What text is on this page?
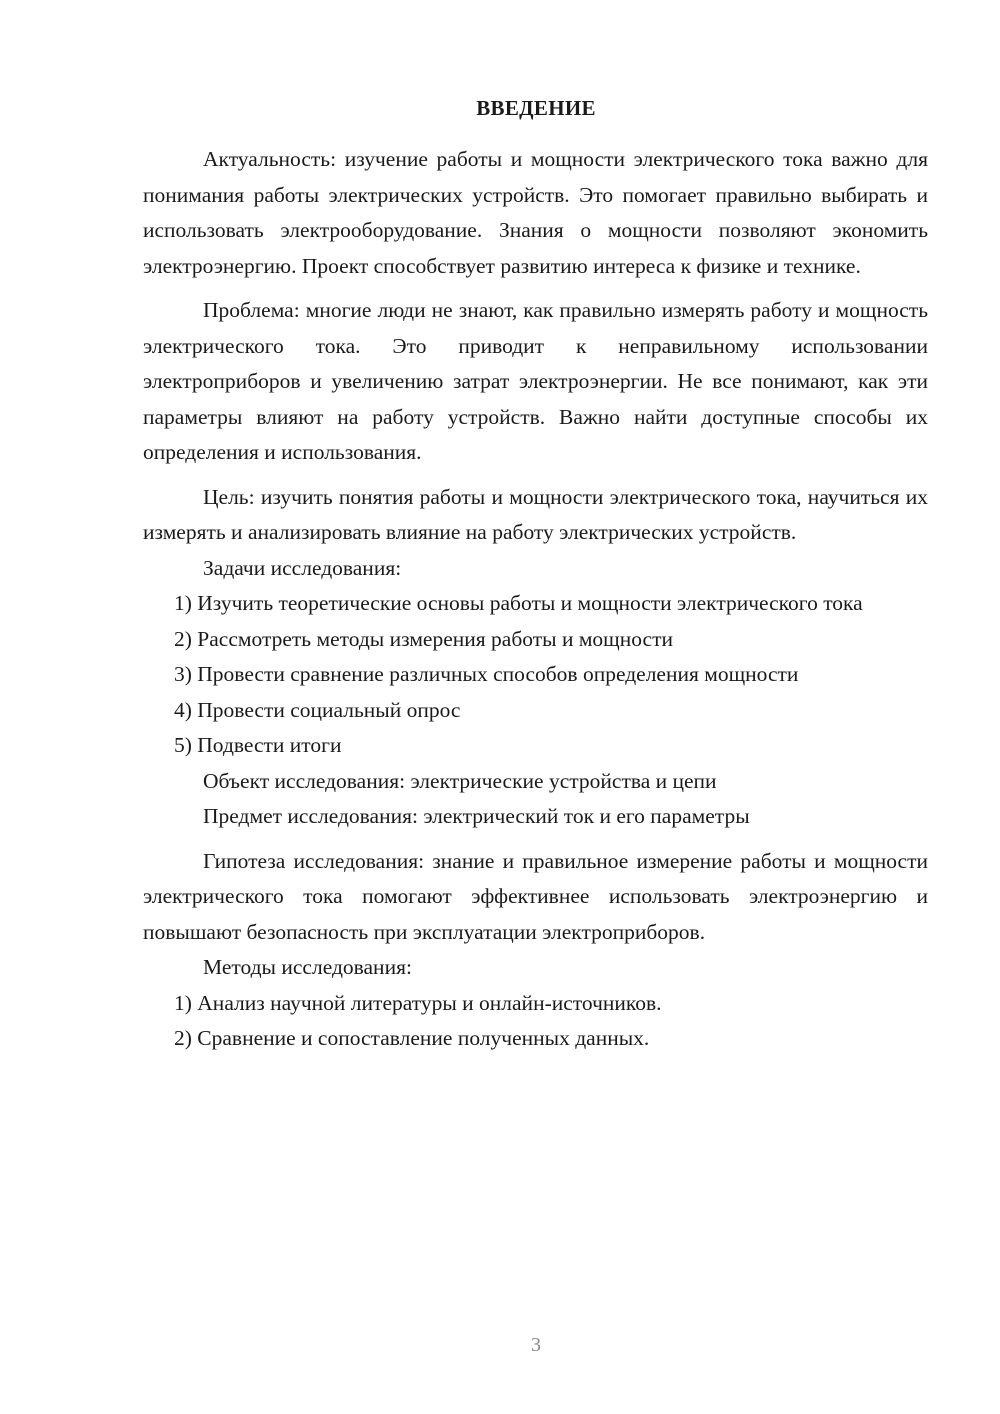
ВВЕДЕНИЕ

Актуальность: изучение работы и мощности электрического тока важно для понимания работы электрических устройств. Это помогает правильно выбирать и использовать электрооборудование. Знания о мощности позволяют экономить электроэнергию. Проект способствует развитию интереса к физике и технике.

Проблема: многие люди не знают, как правильно измерять работу и мощность электрического тока. Это приводит к неправильному использовании электроприборов и увеличению затрат электроэнергии. Не все понимают, как эти параметры влияют на работу устройств. Важно найти доступные способы их определения и использования.

Цель: изучить понятия работы и мощности электрического тока, научиться их измерять и анализировать влияние на работу электрических устройств.

Задачи исследования:

1) Изучить теоретические основы работы и мощности электрического тока

2) Рассмотреть методы измерения работы и мощности

3) Провести сравнение различных способов определения мощности

4) Провести социальный опрос

5) Подвести итоги

Объект исследования: электрические устройства и цепи

Предмет исследования: электрический ток и его параметры

Гипотеза исследования: знание и правильное измерение работы и мощности электрического тока помогают эффективнее использовать электроэнергию и повышают безопасность при эксплуатации электроприборов.

Методы исследования:

1) Анализ научной литературы и онлайн-источников.

2) Сравнение и сопоставление полученных данных.

3
